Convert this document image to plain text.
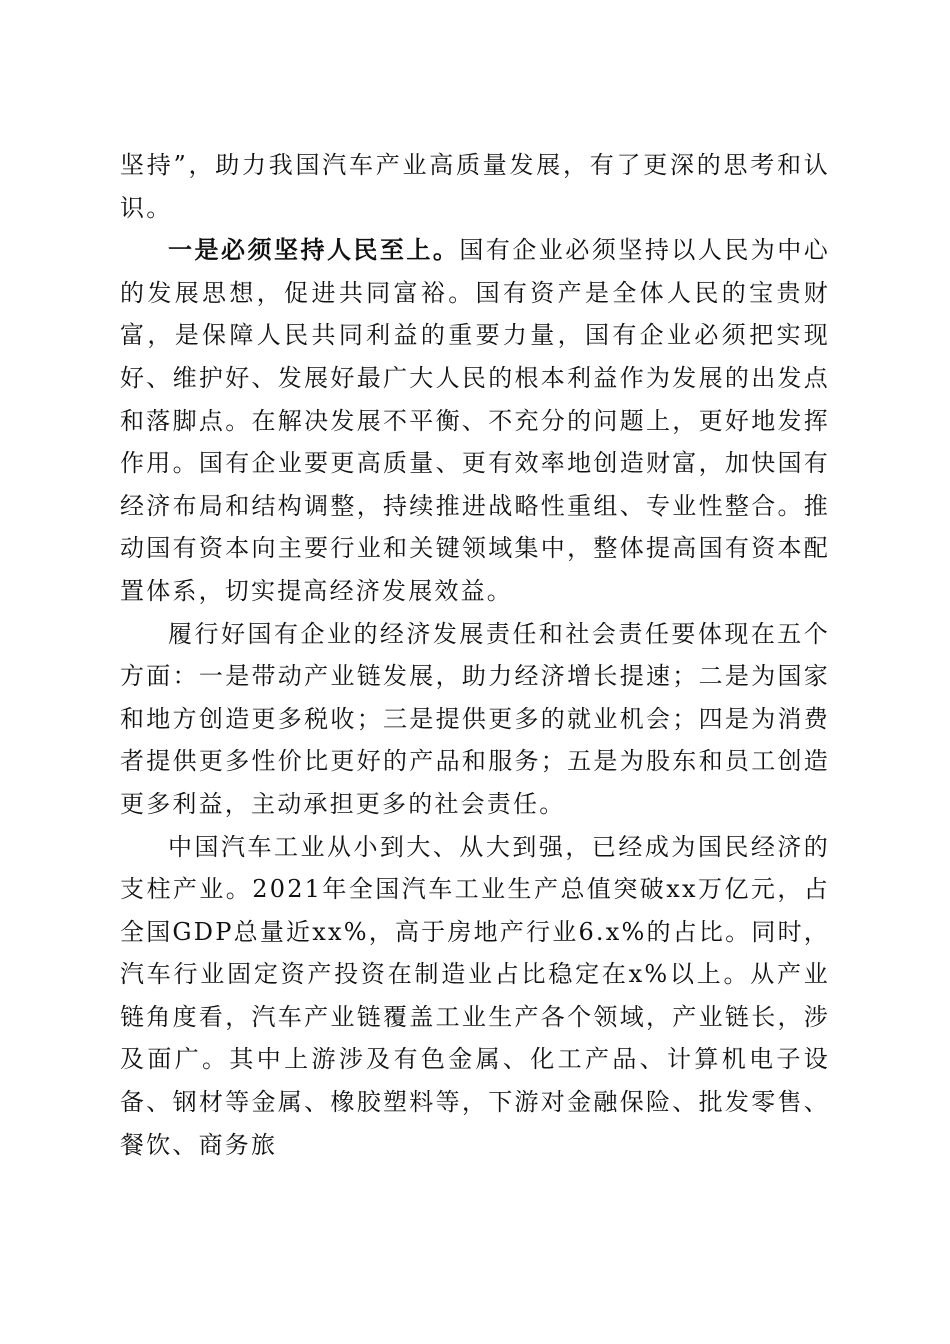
坚持”，助力我国汽车产业高质量发展，有了更深的思考和认识。

一是必须坚持人民至上。国有企业必须坚持以人民为中心的发展思想，促进共同富裕。国有资产是全体人民的宝贵财富，是保障人民共同利益的重要力量，国有企业必须把实现好、维护好、发展好最广大人民的根本利益作为发展的出发点和落脚点。在解决发展不平衡、不充分的问题上，更好地发挥作用。国有企业要更高质量、更有效率地创造财富，加快国有经济布局和结构调整，持续推进战略性重组、专业性整合。推动国有资本向主要行业和关键领域集中，整体提高国有资本配置体系，切实提高经济发展效益。

履行好国有企业的经济发展责任和社会责任要体现在五个方面：一是带动产业链发展，助力经济增长提速；二是为国家和地方创造更多税收；三是提供更多的就业机会；四是为消费者提供更多性价比更好的产品和服务；五是为股东和员工创造更多利益，主动承担更多的社会责任。

中国汽车工业从小到大、从大到强，已经成为国民经济的支柱产业。2021年全国汽车工业生产总值突破xx万亿元，占全国GDP总量近xx%，高于房地产行业6.x%的占比。同时，汽车行业固定资产投资在制造业占比稳定在x%以上。从产业链角度看，汽车产业链覆盖工业生产各个领域，产业链长，涉及面广。其中上游涉及有色金属、化工产品、计算机电子设备、钢材等金属、橡胶塑料等，下游对金融保险、批发零售、餐饮、商务旅
